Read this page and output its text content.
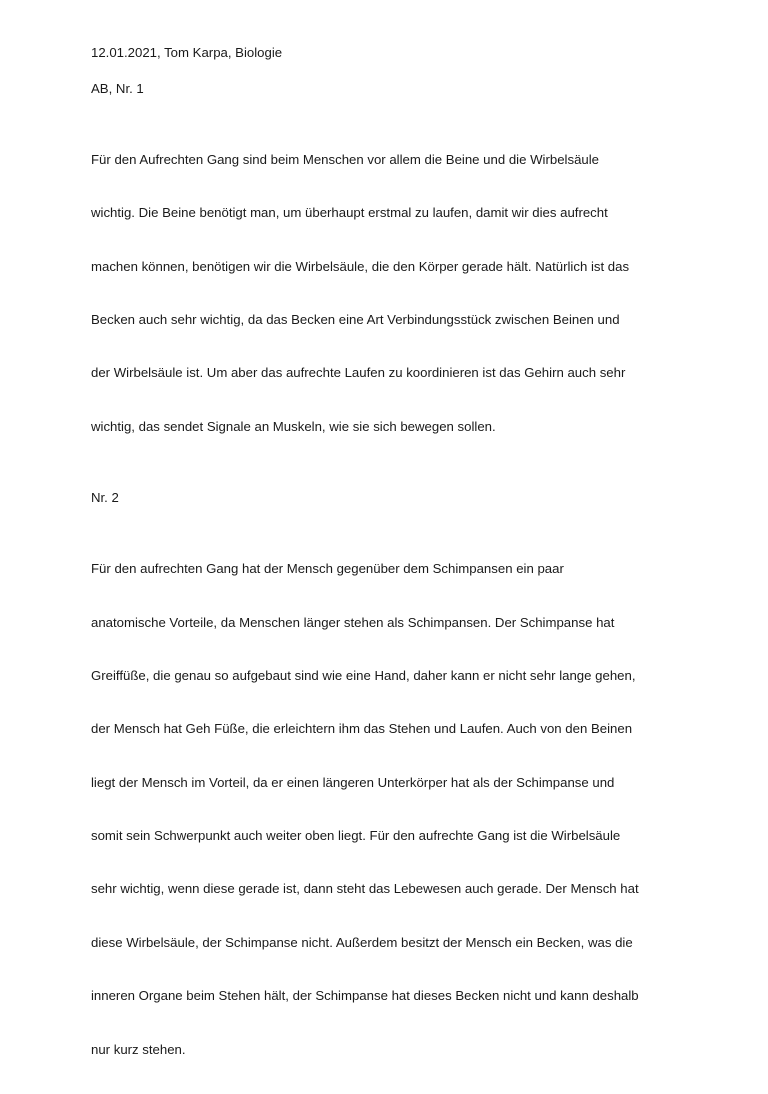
12.01.2021, Tom Karpa, Biologie

AB, Nr. 1

Für den Aufrechten Gang sind beim Menschen vor allem die Beine und die Wirbelsäule

wichtig. Die Beine benötigt man, um überhaupt erstmal zu laufen, damit wir dies aufrecht

machen können, benötigen wir die Wirbelsäule, die den Körper gerade hält. Natürlich ist das

Becken auch sehr wichtig, da das Becken eine Art Verbindungsstück zwischen Beinen und

der Wirbelsäule ist. Um aber das aufrechte Laufen zu koordinieren ist das Gehirn auch sehr

wichtig, das sendet Signale an Muskeln, wie sie sich bewegen sollen.

Nr. 2

Für den aufrechten Gang hat der Mensch gegenüber dem Schimpansen ein paar

anatomische Vorteile, da Menschen länger stehen als Schimpansen. Der Schimpanse hat

Greiffüße, die genau so aufgebaut sind wie eine Hand, daher kann er nicht sehr lange gehen,

der Mensch hat Geh Füße, die erleichtern ihm das Stehen und Laufen. Auch von den Beinen

liegt der Mensch im Vorteil, da er einen längeren Unterkörper hat als der Schimpanse und

somit sein Schwerpunkt auch weiter oben liegt. Für den aufrechte Gang ist die Wirbelsäule

sehr wichtig, wenn diese gerade ist, dann steht das Lebewesen auch gerade. Der Mensch hat

diese Wirbelsäule, der Schimpanse nicht. Außerdem besitzt der Mensch ein Becken, was die

inneren Organe beim Stehen hält, der Schimpanse hat dieses Becken nicht und kann deshalb

nur kurz stehen.
